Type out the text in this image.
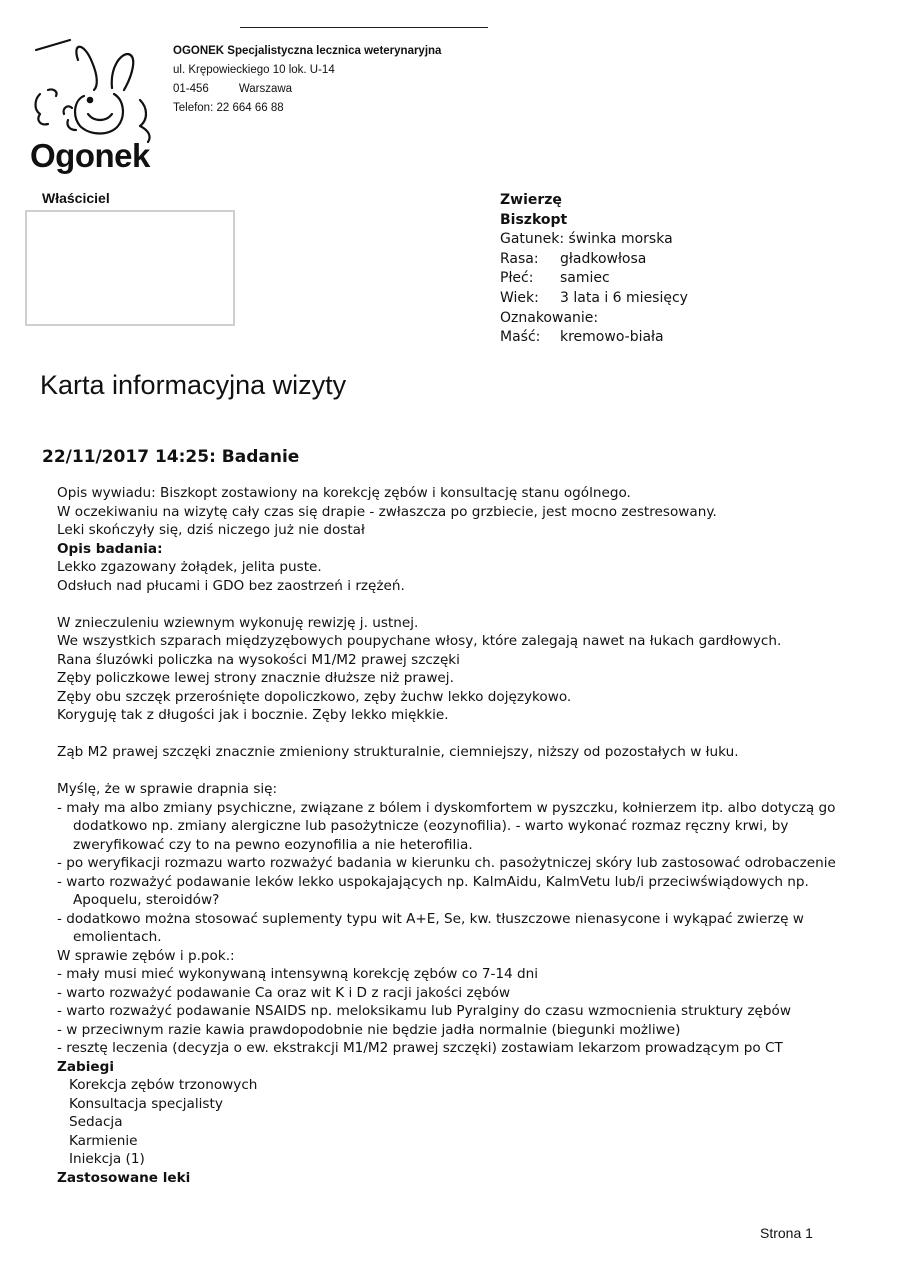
Ogonek
OGONEK Specjalistyczna lecznica weterynaryjna
ul. Krępowieckiego 10 lok. U-14
01-456	Warszawa
Telefon: 22 664 66 88
Właściciel	Zwierzę
Biszkopt
Gatunek: świnka morska
Rasa: gładkowłosa
Płeć: samiec
Wiek: 3 lata i 6 miesięcy
Oznakowanie:
Maść: kremowo-biała
Karta informacyjna wizyty
22/11/2017 14:25: Badanie
Opis wywiadu: Biszkopt zostawiony na korekcję zębów i konsultację stanu ogólnego.
W oczekiwaniu na wizytę cały czas się drapie - zwłaszcza po grzbiecie, jest mocno zestresowany.
Leki skończyły się, dziś niczego już nie dostał
Opis badania:
Lekko zgazowany żołądek, jelita puste.
Odsłuch nad płucami i GDO bez zaostrzeń i rzężeń.
W znieczuleniu wziewnym wykonuję rewizję j. ustnej.
We wszystkich szparach międzyzębowych poupychane włosy, które zalegają nawet na łukach gardłowych.
Rana śluzówki policzka na wysokości M1/M2 prawej szczęki
Zęby policzkowe lewej strony znacznie dłuższe niż prawej.
Zęby obu szczęk przerośnięte dopoliczkowo, zęby żuchw lekko dojęzykowo.
Koryguję tak z długości jak i bocznie. Zęby lekko miękkie.
Ząb M2 prawej szczęki znacznie zmieniony strukturalnie, ciemniejszy, niższy od pozostałych w łuku.
Myślę, że w sprawie drapnia się:
- mały ma albo zmiany psychiczne, związane z bólem i dyskomfortem w pyszczku, kołnierzem itp. albo dotyczą go dodatkowo np. zmiany alergiczne lub pasożytnicze (eozynofilia). - warto wykonać rozmaz ręczny krwi, by zweryfikować czy to na pewno eozynofilia a nie heterofilia.
- po weryfikacji rozmazu warto rozważyć badania w kierunku ch. pasożytniczej skóry lub zastosować odrobaczenie
- warto rozważyć podawanie leków lekko uspokajających np. KalmAidu, KalmVetu lub/i przeciwświądowych np. Apoquelu, steroidów?
- dodatkowo można stosować suplementy typu wit A+E, Se, kw. tłuszczowe nienasycone i wykąpać zwierzę w emolientach.
W sprawie zębów i p.pok.:
- mały musi mieć wykonywaną intensywną korekcję zębów co 7-14 dni
- warto rozważyć podawanie Ca oraz wit K i D z racji jakości zębów
- warto rozważyć podawanie NSAIDS np. meloksikamu lub Pyralginy do czasu wzmocnienia struktury zębów
- w przeciwnym razie kawia prawdopodobnie nie będzie jadła normalnie (biegunki możliwe)
- resztę leczenia (decyzja o ew. ekstrakcji M1/M2 prawej szczęki) zostawiam lekarzom prowadzącym po CT
Zabiegi
Korekcja zębów trzonowych
Konsultacja specjalisty
Sedacja
Karmienie
Iniekcja (1)
Zastosowane leki
Strona 1
